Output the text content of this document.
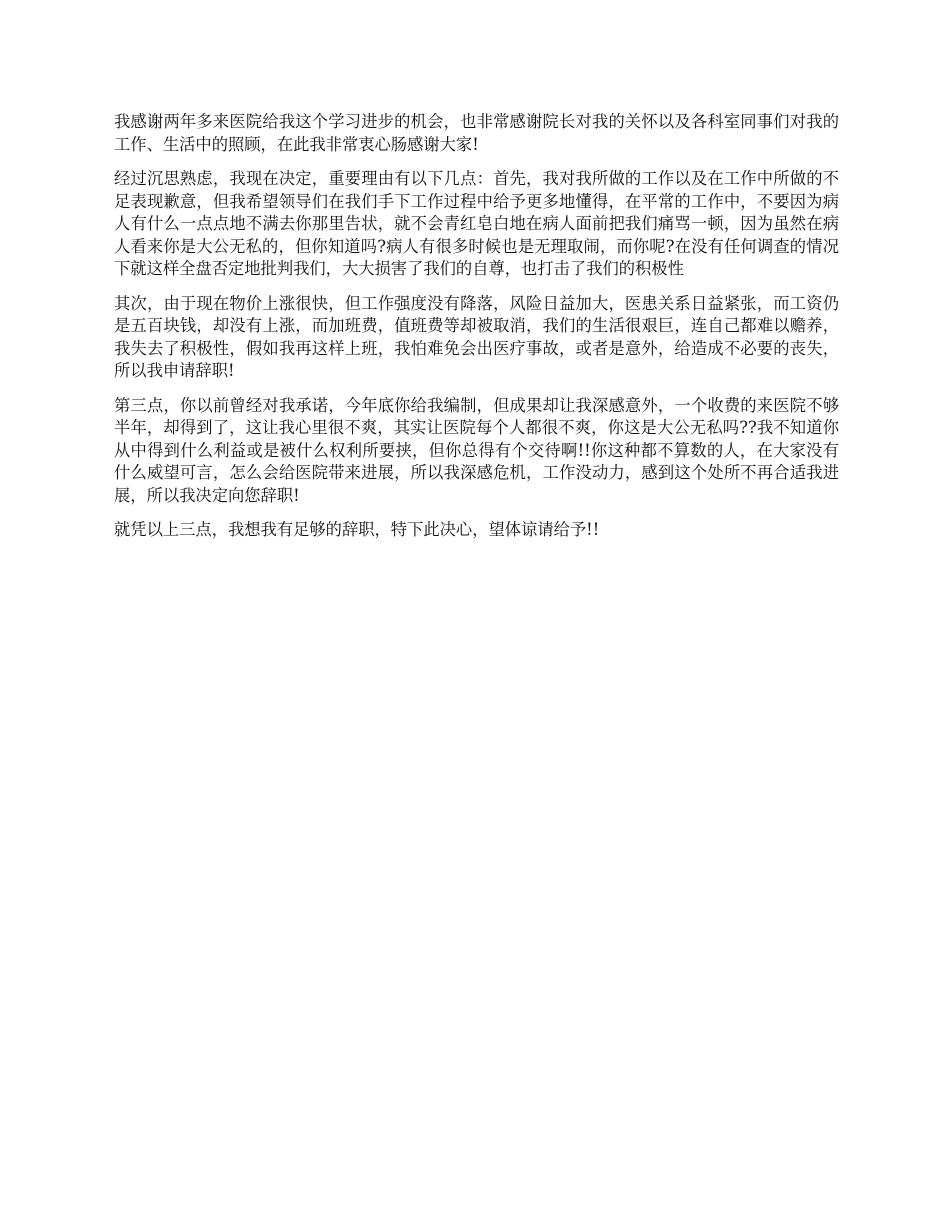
我感谢两年多来医院给我这个学习进步的机会，也非常感谢院长对我的关怀以及各科室同事们对我的工作、生活中的照顾，在此我非常衷心肠感谢大家!

经过沉思熟虑，我现在决定，重要理由有以下几点：首先，我对我所做的工作以及在工作中所做的不足表现歉意，但我希望领导们在我们手下工作过程中给予更多地懂得，在平常的工作中，不要因为病人有什么一点点地不满去你那里告状，就不会青红皂白地在病人面前把我们痛骂一顿，因为虽然在病人看来你是大公无私的，但你知道吗?病人有很多时候也是无理取闹，而你呢?在没有任何调查的情况下就这样全盘否定地批判我们，大大损害了我们的自尊，也打击了我们的积极性

其次，由于现在物价上涨很快，但工作强度没有降落，风险日益加大，医患关系日益紧张，而工资仍是五百块钱，却没有上涨，而加班费，值班费等却被取消，我们的生活很艰巨，连自己都难以赡养，我失去了积极性，假如我再这样上班，我怕难免会出医疗事故，或者是意外，给造成不必要的丧失，所以我申请辞职!

第三点，你以前曾经对我承诺，今年底你给我编制，但成果却让我深感意外，一个收费的来医院不够半年，却得到了，这让我心里很不爽，其实让医院每个人都很不爽，你这是大公无私吗??我不知道你从中得到什么利益或是被什么权利所要挟，但你总得有个交待啊!!你这种都不算数的人，在大家没有什么威望可言，怎么会给医院带来进展，所以我深感危机，工作没动力，感到这个处所不再合适我进展，所以我决定向您辞职!

就凭以上三点，我想我有足够的辞职，特下此决心，望体谅请给予!!
